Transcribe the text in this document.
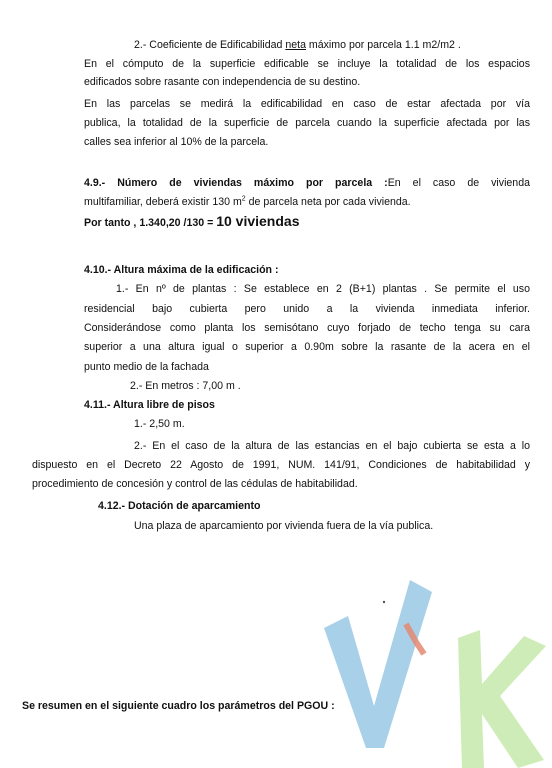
2.- Coeficiente de Edificabilidad neta máximo por parcela 1.1 m2/m2 .
En el cómputo de la superficie edificable se incluye la totalidad de los espacios
edificados sobre rasante con independencia de su destino.
En las parcelas se medirá la edificabilidad en caso de estar afectada por vía
publica, la totalidad de la superficie de parcela cuando la superficie afectada por las
calles sea inferior al 10% de la parcela.
4.9.- Número de viviendas máximo por parcela :En el caso de vivienda
multifamiliar, deberá existir 130 $m^2$ de parcela neta por cada vivienda.
Por tanto , 1.340,20 /130 = 10 viviendas
4.10.- Altura máxima de la edificación :
1.- En nº de plantas : Se establece en 2 (B+1) plantas . Se permite el uso
residencial bajo cubierta pero unido a la vivienda inmediata inferior.
Considerándose como planta los semisótano cuyo forjado de techo tenga su cara
superior a una altura igual o superior a 0.90m sobre la rasante de la acera en el
punto medio de la fachada
2.- En metros : 7,00 m .
4.11.- Altura libre de pisos
1.- 2,50 m.
2.- En el caso de la altura de las estancias en el bajo cubierta se esta a lo
dispuesto en el Decreto 22 Agosto de 1991, NUM. 141/91, Condiciones de habitabilidad y
procedimiento de concesión y control de las cédulas de habitabilidad.
4.12.- Dotación de aparcamiento
Una plaza de aparcamiento por vivienda fuera de la vía publica.
Se resumen en el siguiente cuadro los parámetros del PGOU :
